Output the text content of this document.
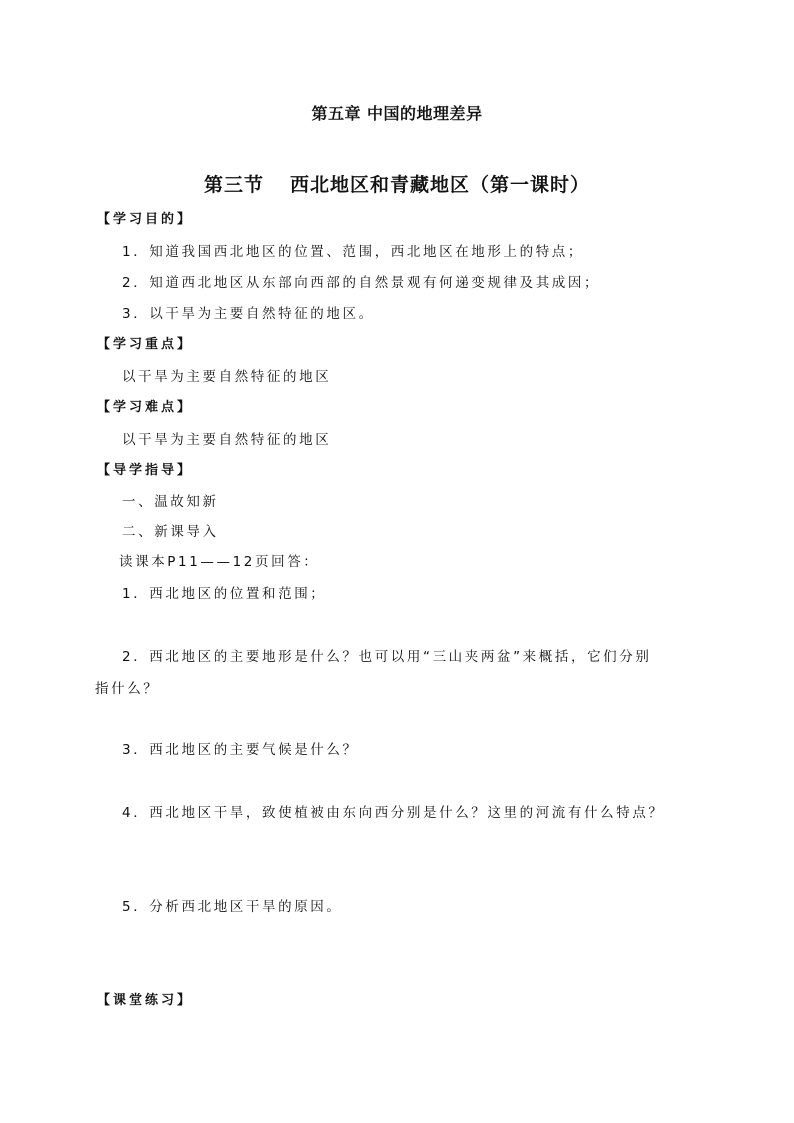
第五章 中国的地理差异
第三节 西北地区和青藏地区（第一课时）
【学习目的】
1．知道我国西北地区的位置、范围，西北地区在地形上的特点；
2．知道西北地区从东部向西部的自然景观有何递变规律及其成因；
3．以干旱为主要自然特征的地区。
【学习重点】
以干旱为主要自然特征的地区
【学习难点】
以干旱为主要自然特征的地区
【导学指导】
一、温故知新
二、新课导入
读课本P11——12页回答：
1．西北地区的位置和范围；
2．西北地区的主要地形是什么？也可以用“三山夹两盆”来概括，它们分别
指什么？
3．西北地区的主要气候是什么？
4．西北地区干旱，致使植被由东向西分别是什么？这里的河流有什么特点？
5．分析西北地区干旱的原因。
【课堂练习】
